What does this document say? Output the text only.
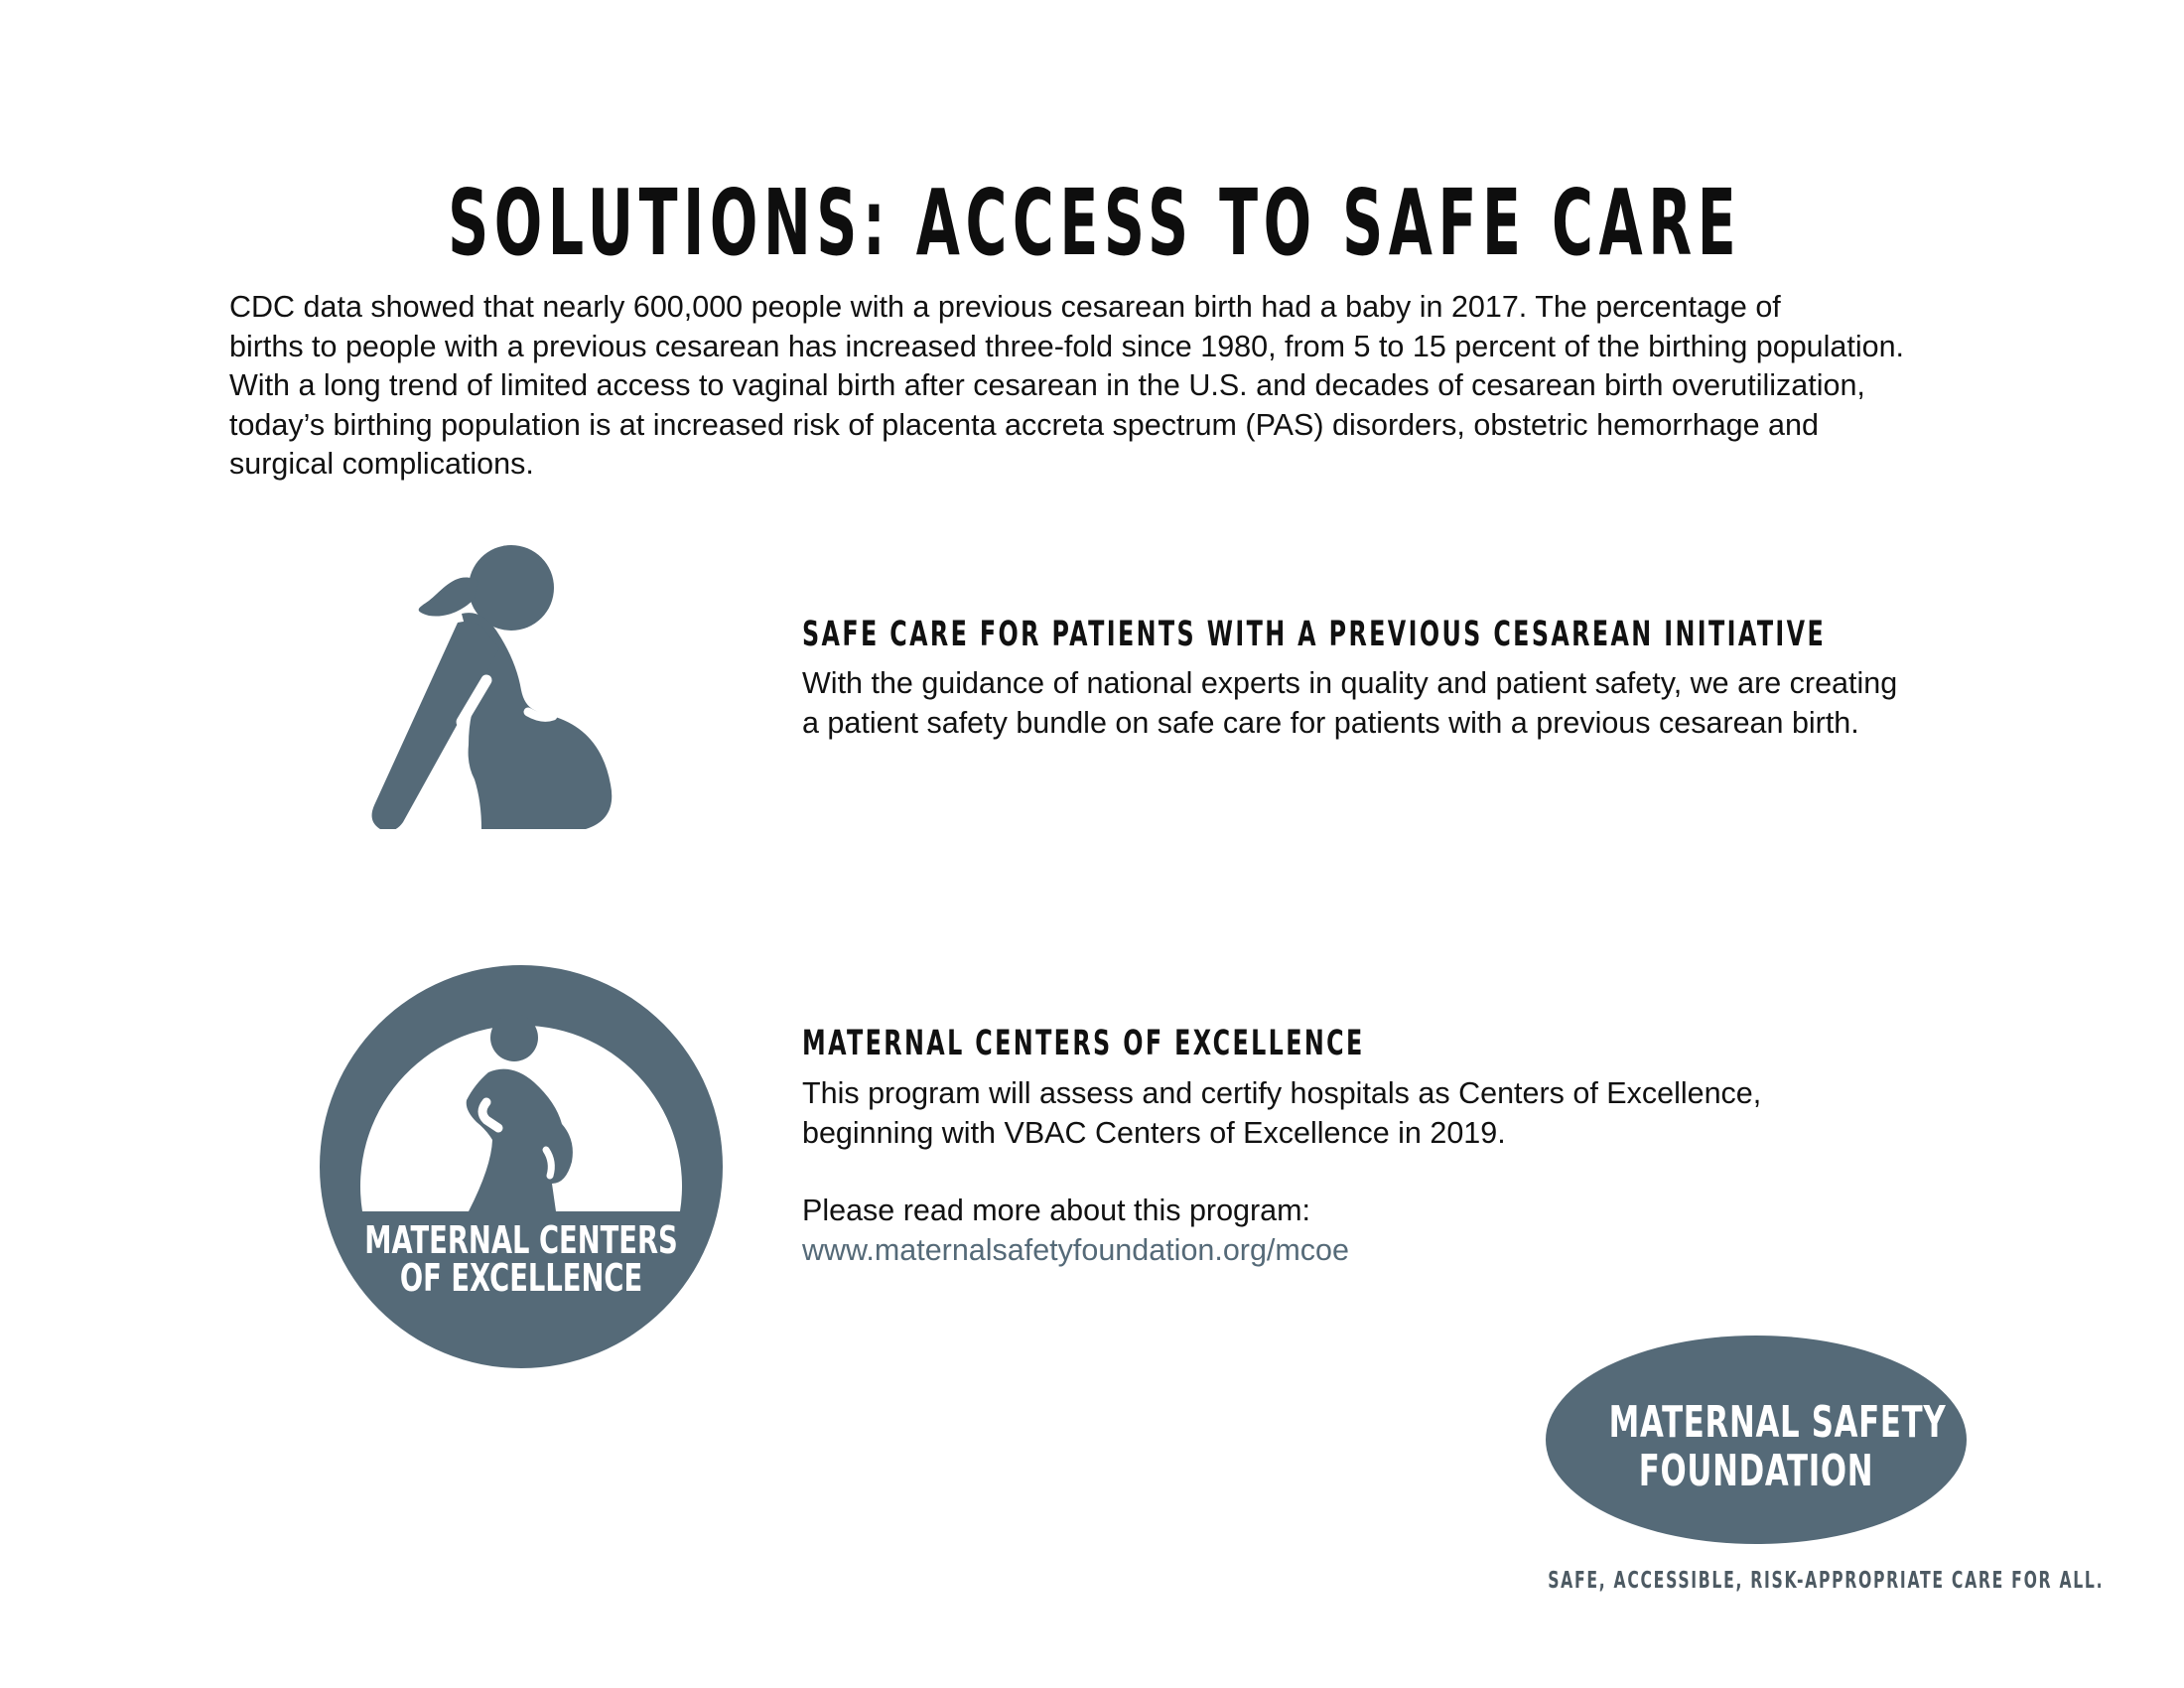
SOLUTIONS: ACCESS TO SAFE CARE
CDC data showed that nearly 600,000 people with a previous cesarean birth had a baby in 2017. The percentage of
births to people with a previous cesarean has increased three-fold since 1980, from 5 to 15 percent of the birthing population.
With a long trend of limited access to vaginal birth after cesarean in the U.S. and decades of cesarean birth overutilization,
today’s birthing population is at increased risk of placenta accreta spectrum (PAS) disorders, obstetric hemorrhage and
surgical complications.
SAFE CARE FOR PATIENTS WITH A PREVIOUS CESAREAN INITIATIVE
With the guidance of national experts in quality and patient safety, we are creating
a patient safety bundle on safe care for patients with a previous cesarean birth.
MATERNAL CENTERS
OF EXCELLENCE
MATERNAL CENTERS OF EXCELLENCE
This program will assess and certify hospitals as Centers of Excellence,
beginning with VBAC Centers of Excellence in 2019.
Please read more about this program:
www.maternalsafetyfoundation.org/mcoe
MATERNAL SAFETY
FOUNDATION
SAFE, ACCESSIBLE, RISK-APPROPRIATE CARE FOR ALL.
